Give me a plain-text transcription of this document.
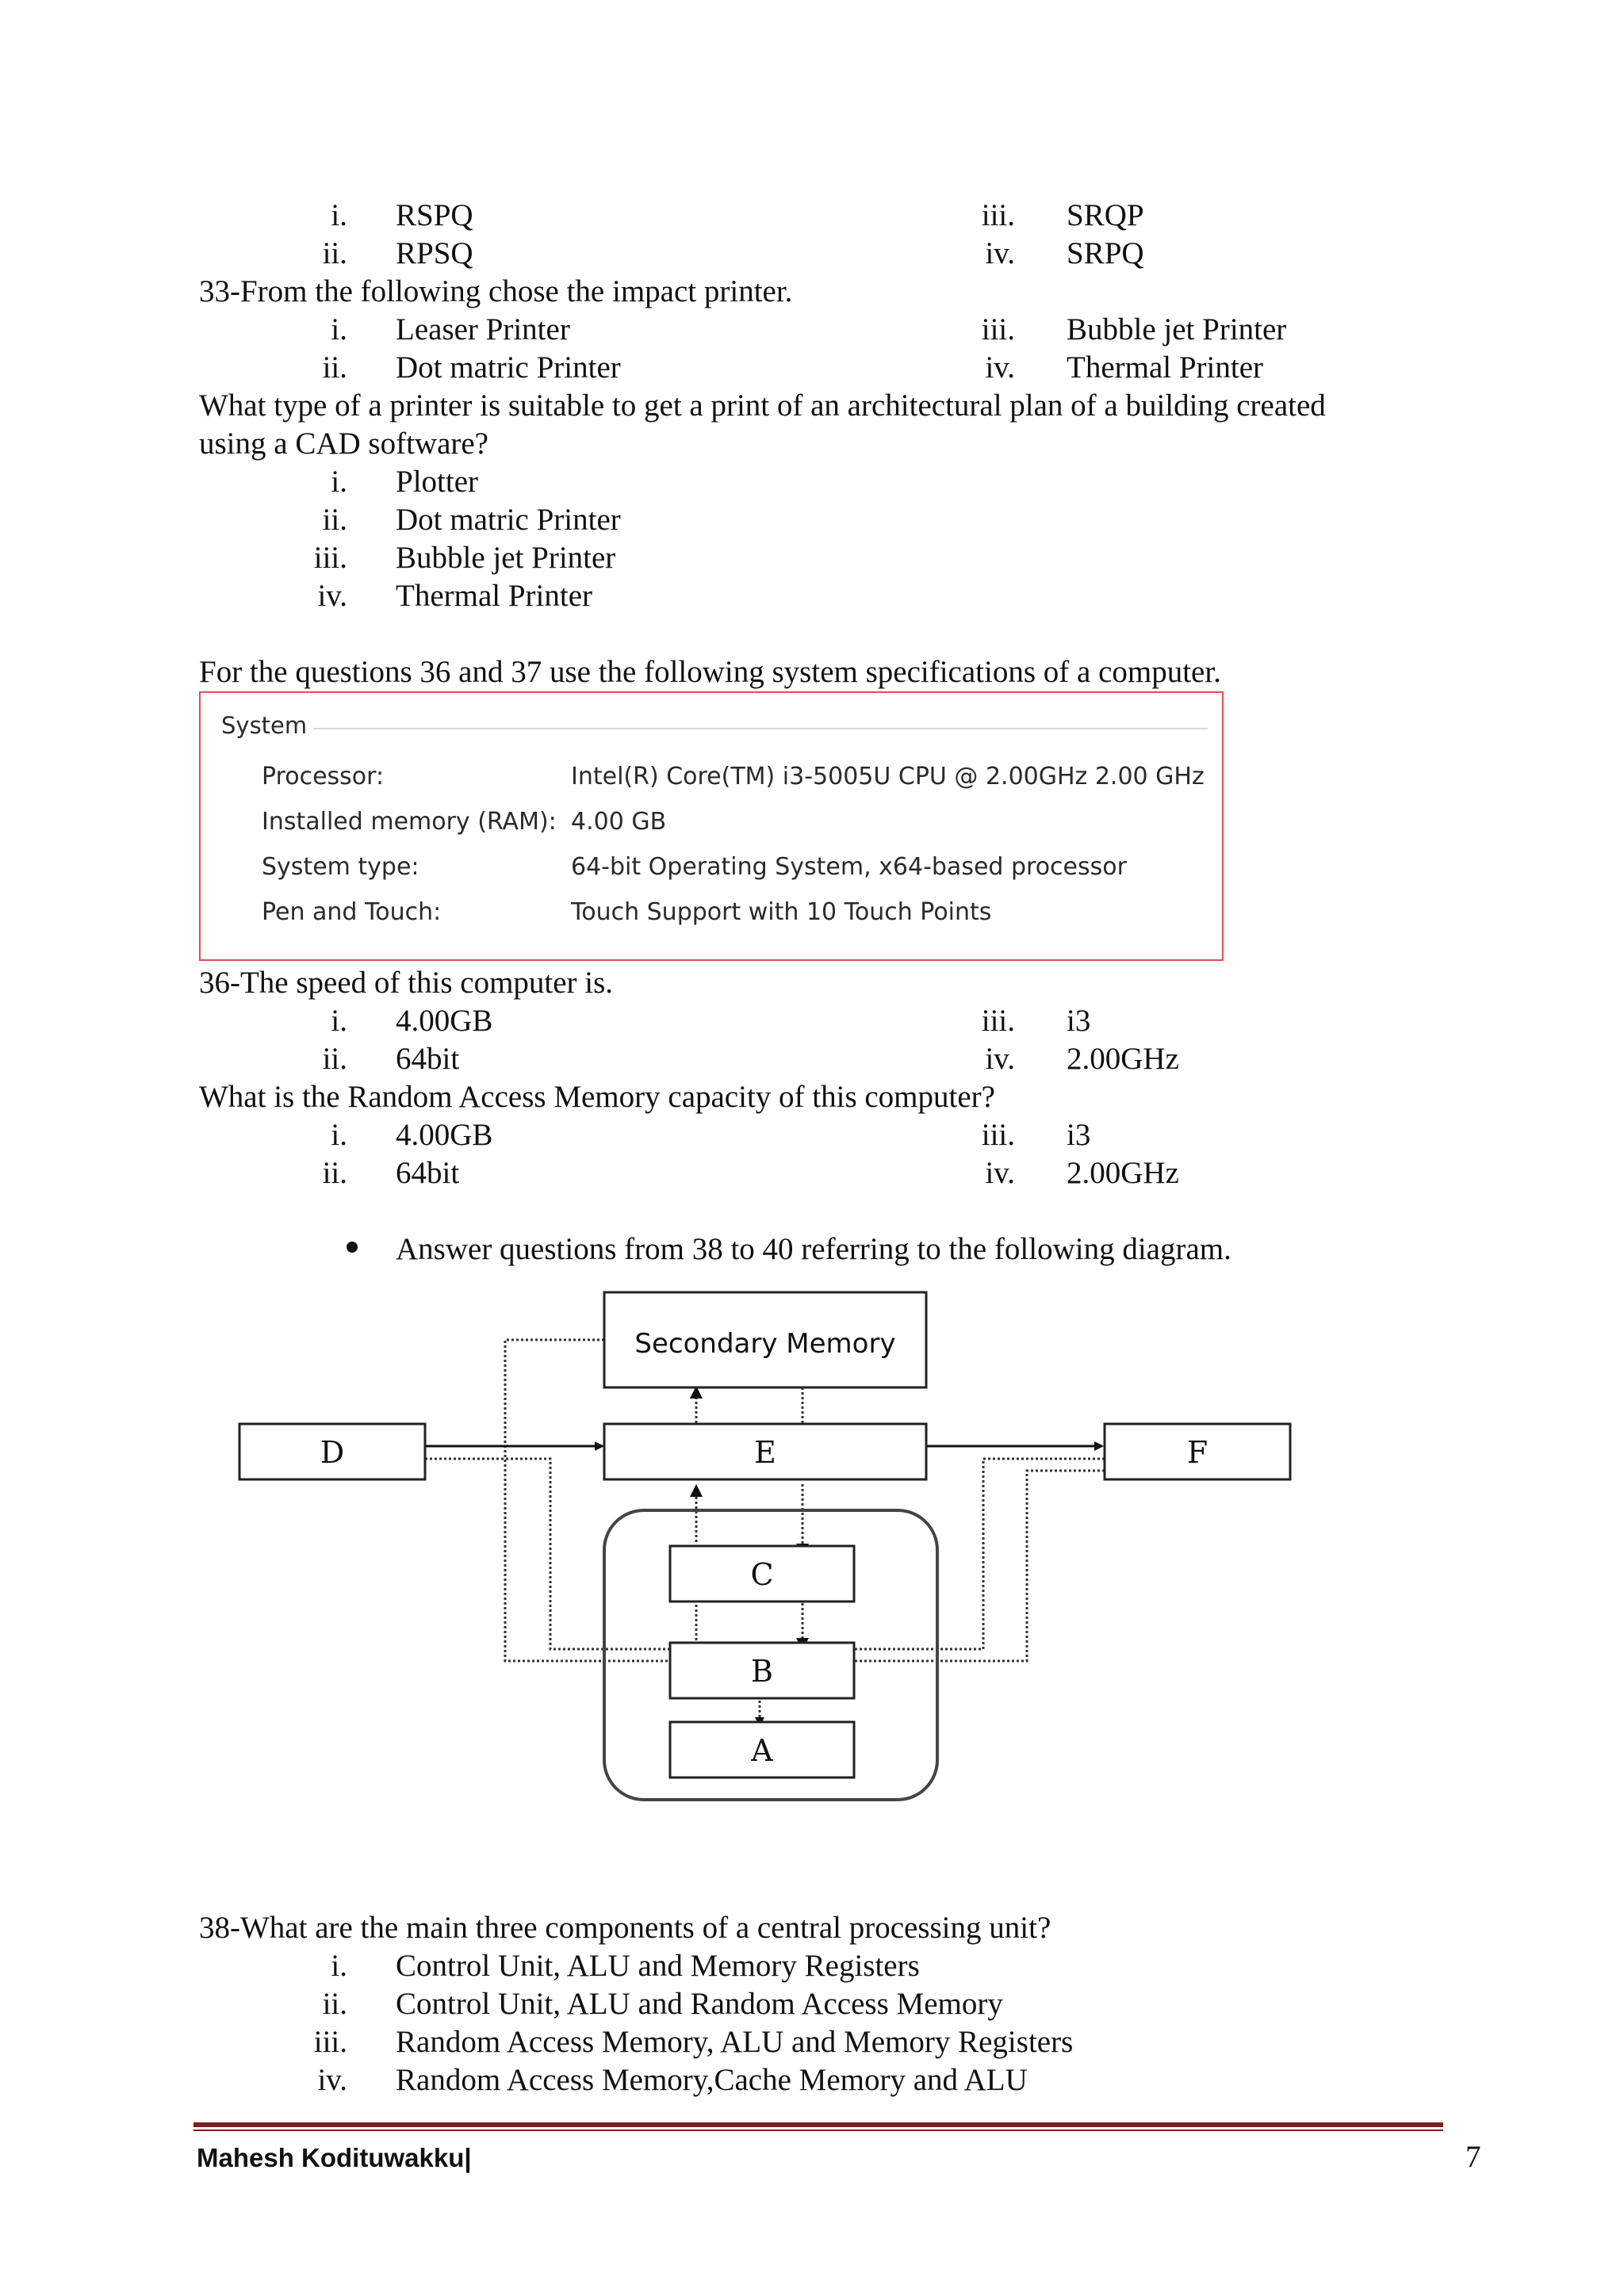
i. RSPQ	iii. SRQP
ii. RPSQ	iv. SRPQ
33-From the following chose the impact printer.
i. Leaser Printer	iii. Bubble jet Printer
ii. Dot matric Printer	iv. Thermal Printer
What type of a printer is suitable to get a print of an architectural plan of a building created
using a CAD software?
i. Plotter
ii. Dot matric Printer
iii. Bubble jet Printer
iv. Thermal Printer
For the questions 36 and 37 use the following system specifications of a computer.
System
Processor:	Intel(R) Core(TM) i3-5005U CPU @ 2.00GHz 2.00 GHz
Installed memory (RAM): 4.00 GB
System type:	64-bit Operating System, x64-based processor
Pen and Touch:	Touch Support with 10 Touch Points
36-The speed of this computer is.
i. 4.00GB	iii. i3
ii. 64bit	iv. 2.00GHz
What is the Random Access Memory capacity of this computer?
i. 4.00GB	iii. i3
ii. 64bit	iv. 2.00GHz
Answer questions from 38 to 40 referring to the following diagram.
Secondary Memory
D	E	F
C
B
A
38-What are the main three components of a central processing unit?
i. Control Unit, ALU and Memory Registers
ii. Control Unit, ALU and Random Access Memory
iii. Random Access Memory, ALU and Memory Registers
iv. Random Access Memory,Cache Memory and ALU
Mahesh Kodituwakku|	7
